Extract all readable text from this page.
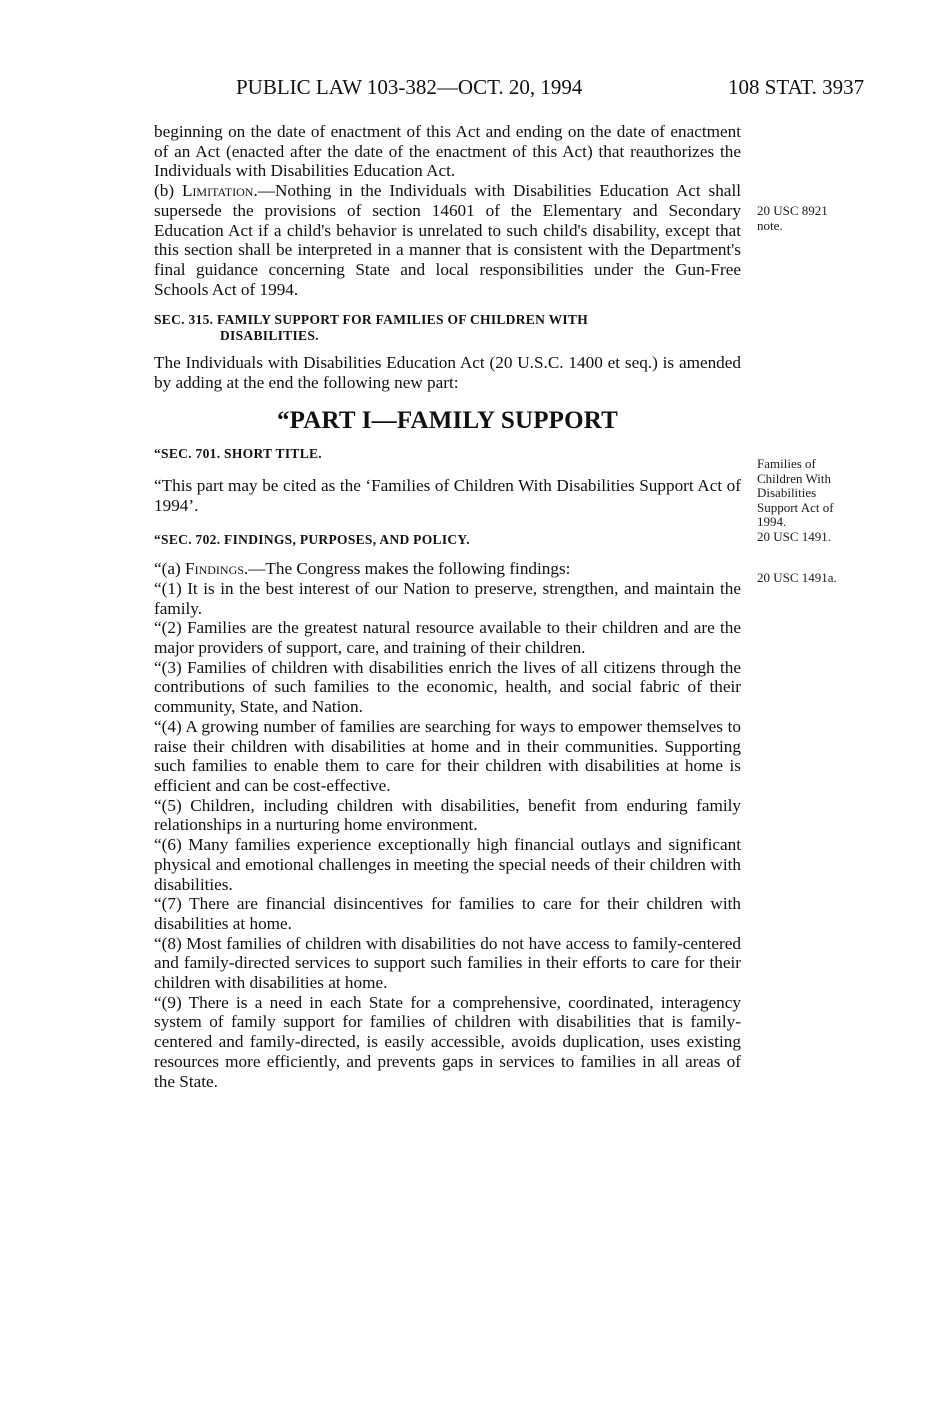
PUBLIC LAW 103-382—OCT. 20, 1994	108 STAT. 3937

beginning on the date of enactment of this Act and ending on the date of enactment of an Act (enacted after the date of the enactment of this Act) that reauthorizes the Individuals with Disabilities Education Act.

(b) Limitation.—Nothing in the Individuals with Disabilities Education Act shall supersede the provisions of section 14601 of the Elementary and Secondary Education Act if a child's behavior is unrelated to such child's disability, except that this section shall be interpreted in a manner that is consistent with the Department's final guidance concerning State and local responsibilities under the Gun-Free Schools Act of 1994.

SEC. 315. FAMILY SUPPORT FOR FAMILIES OF CHILDREN WITH
DISABILITIES.

The Individuals with Disabilities Education Act (20 U.S.C. 1400 et seq.) is amended by adding at the end the following new part:

“PART I—FAMILY SUPPORT
“SEC. 701. SHORT TITLE.

“This part may be cited as the ‘Families of Children With Disabilities Support Act of 1994’.

“SEC. 702. FINDINGS, PURPOSES, AND POLICY.

“(a) Findings.—The Congress makes the following findings:

“(1) It is in the best interest of our Nation to preserve, strengthen, and maintain the family.

“(2) Families are the greatest natural resource available to their children and are the major providers of support, care, and training of their children.

“(3) Families of children with disabilities enrich the lives of all citizens through the contributions of such families to the economic, health, and social fabric of their community, State, and Nation.

“(4) A growing number of families are searching for ways to empower themselves to raise their children with disabilities at home and in their communities. Supporting such families to enable them to care for their children with disabilities at home is efficient and can be cost-effective.

“(5) Children, including children with disabilities, benefit from enduring family relationships in a nurturing home environment.

“(6) Many families experience exceptionally high financial outlays and significant physical and emotional challenges in meeting the special needs of their children with disabilities.

“(7) There are financial disincentives for families to care for their children with disabilities at home.

“(8) Most families of children with disabilities do not have access to family-centered and family-directed services to support such families in their efforts to care for their children with disabilities at home.

“(9) There is a need in each State for a comprehensive, coordinated, interagency system of family support for families of children with disabilities that is family-centered and family-directed, is easily accessible, avoids duplication, uses existing resources more efficiently, and prevents gaps in services to families in all areas of the State.

20 USC 8921
note.
Families of
Children With
Disabilities
Support Act of
1994.
20 USC 1491.
20 USC 1491a.
